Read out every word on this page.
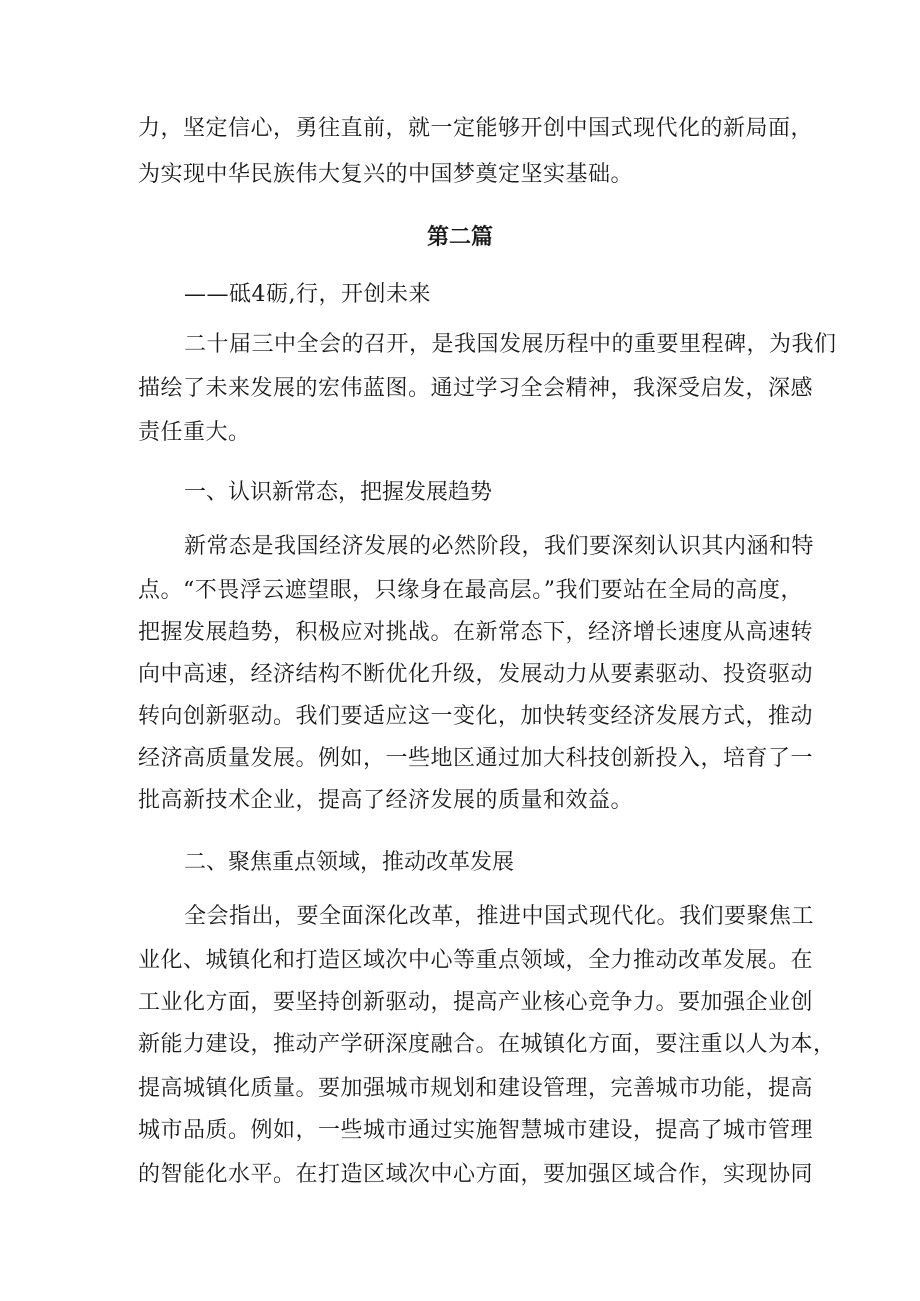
力，坚定信心，勇往直前，就一定能够开创中国式现代化的新局面，
为实现中华民族伟大复兴的中国梦奠定坚实基础。
第二篇
——砥4砺,行，开创未来
二十届三中全会的召开，是我国发展历程中的重要里程碑，为我们
描绘了未来发展的宏伟蓝图。通过学习全会精神，我深受启发，深感
责任重大。
一、认识新常态，把握发展趋势
新常态是我国经济发展的必然阶段，我们要深刻认识其内涵和特
点。“不畏浮云遮望眼，只缘身在最高层。”我们要站在全局的高度，
把握发展趋势，积极应对挑战。在新常态下，经济增长速度从高速转
向中高速，经济结构不断优化升级，发展动力从要素驱动、投资驱动
转向创新驱动。我们要适应这一变化，加快转变经济发展方式，推动
经济高质量发展。例如，一些地区通过加大科技创新投入，培育了一
批高新技术企业，提高了经济发展的质量和效益。
二、聚焦重点领域，推动改革发展
全会指出，要全面深化改革，推进中国式现代化。我们要聚焦工
业化、城镇化和打造区域次中心等重点领域，全力推动改革发展。在
工业化方面，要坚持创新驱动，提高产业核心竞争力。要加强企业创
新能力建设，推动产学研深度融合。在城镇化方面，要注重以人为本，
提高城镇化质量。要加强城市规划和建设管理，完善城市功能，提高
城市品质。例如，一些城市通过实施智慧城市建设，提高了城市管理
的智能化水平。在打造区域次中心方面，要加强区域合作，实现协同
